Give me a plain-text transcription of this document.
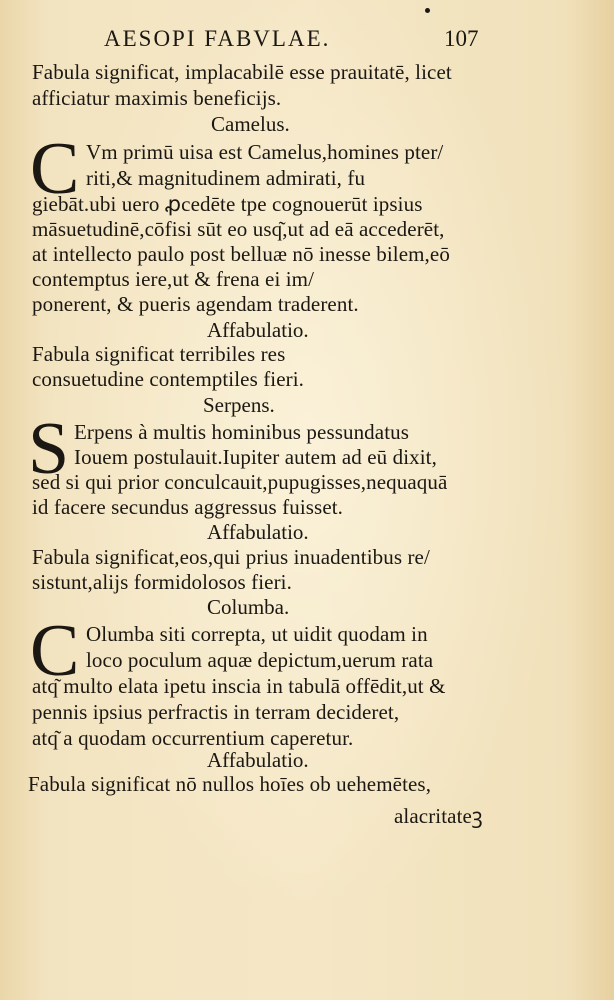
AESOPI FABVLAE.	107
Fabula significat, implacabilē esse prauitatē, licet
afficiatur maximis beneficijs.
Camelus.
C Vm primū uisa est Camelus,homines pter/
riti,& magnitudinem admirati, fu
giebāt.ubi uero ꝓcedēte tpe cognouerūt ipsius
māsuetudinē,cōfisi sūt eo usq͂,ut ad eā accederēt,
at intellecto paulo post belluæ nō inesse bilem,eō
contemptus iere,ut & frena ei im/
ponerent, & pueris agendam traderent.
Affabulatio.
Fabula significat terribiles res
consuetudine contemptiles fieri.
Serpens.
S Erpens à multis hominibus pessundatus
Iouem postulauit.Iupiter autem ad eū dixit,
sed si qui prior conculcauit,pupugisses,nequaquā
id facere secundus aggressus fuisset.
Affabulatio.
Fabula significat,eos,qui prius inuadentibus re/
sistunt,alijs formidolosos fieri.
Columba.
C Olumba siti correpta, ut uidit quodam in
loco poculum aquæ depictum,uerum rata
atq͂ multo elata ipetu inscia in tabulā offēdit,ut &
pennis ipsius perfractis in terram decideret,
atq͂ a quodam occurrentium caperetur.
Affabulatio.
Fabula significat nō nullos hoīes ob uehemētes,
alacritateꝫ
